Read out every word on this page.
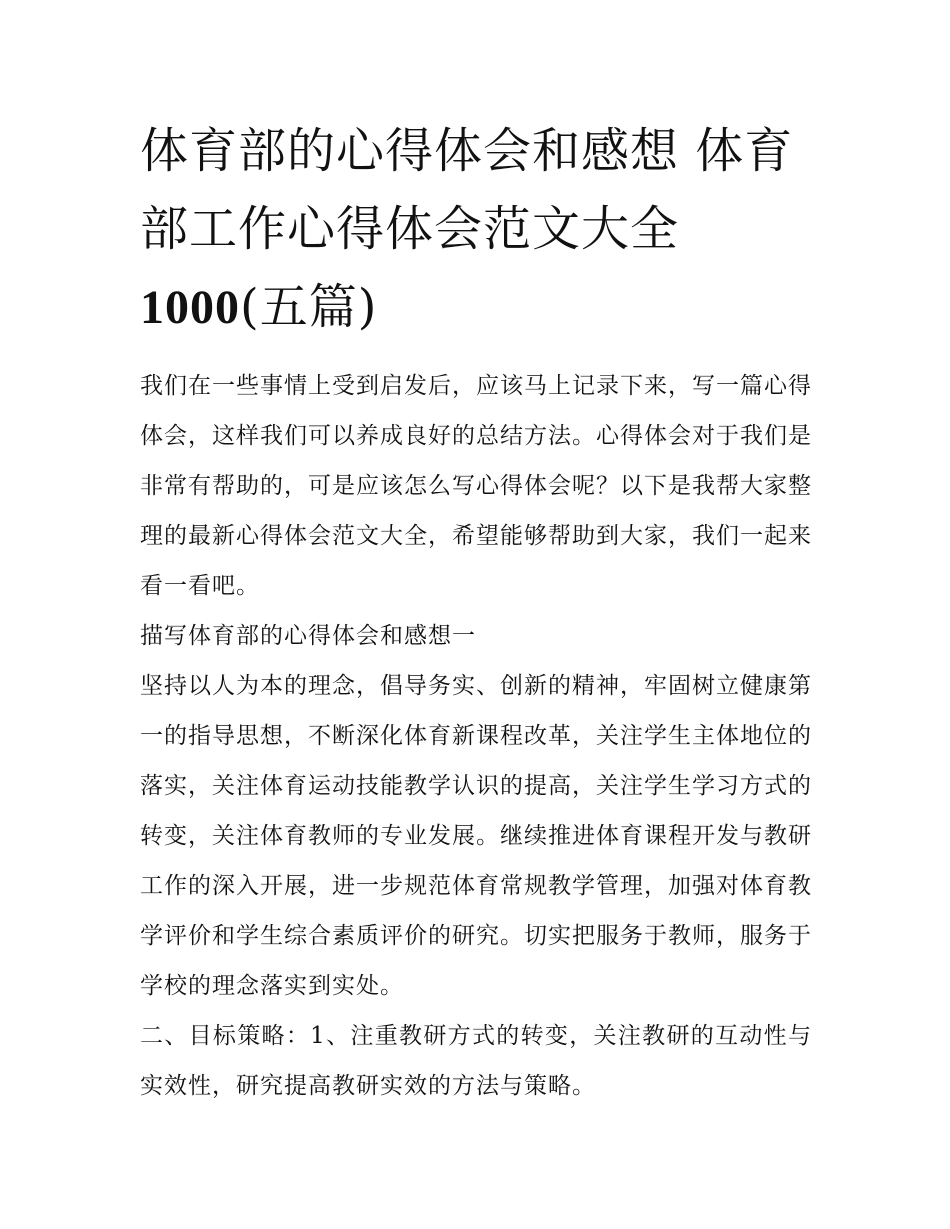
体育部的心得体会和感想 体育
部工作心得体会范文大全
1000(五篇)

我们在一些事情上受到启发后，应该马上记录下来，写一篇心得体会，这样我们可以养成良好的总结方法。心得体会对于我们是非常有帮助的，可是应该怎么写心得体会呢？以下是我帮大家整理的最新心得体会范文大全，希望能够帮助到大家，我们一起来看一看吧。

描写体育部的心得体会和感想一

坚持以人为本的理念，倡导务实、创新的精神，牢固树立健康第一的指导思想，不断深化体育新课程改革，关注学生主体地位的落实，关注体育运动技能教学认识的提高，关注学生学习方式的转变，关注体育教师的专业发展。继续推进体育课程开发与教研工作的深入开展，进一步规范体育常规教学管理，加强对体育教学评价和学生综合素质评价的研究。切实把服务于教师，服务于学校的理念落实到实处。

二、目标策略：1、注重教研方式的转变，关注教研的互动性与实效性，研究提高教研实效的方法与策略。
